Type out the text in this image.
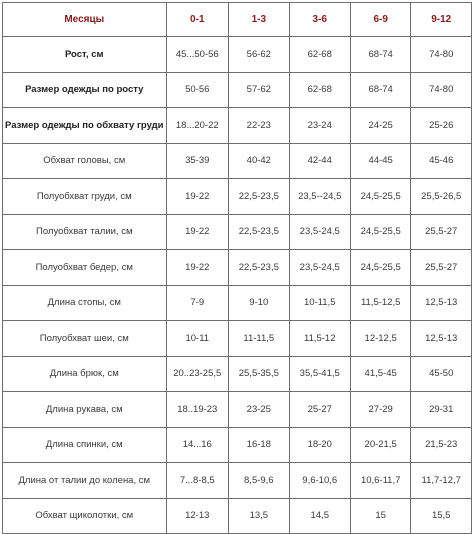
Месяцы	0-1	1-3	3-6	6-9	9-12
Рост, см	45...50-56	56-62	62-68	68-74	74-80
Размер одежды по росту	50-56	57-62	62-68	68-74	74-80
Размер одежды по обхвату груди	18...20-22	22-23	23-24	24-25	25-26
Обхват головы, см	35-39	40-42	42-44	44-45	45-46
Полуобхват груди, см	19-22	22,5-23,5	23,5--24,5	24,5-25,5	25,5-26,5
Полуобхват талии, см	19-22	22,5-23,5	23,5-24,5	24,5-25,5	25,5-27
Полуобхват бедер, см	19-22	22,5-23,5	23,5-24,5	24,5-25,5	25,5-27
Длина стопы, см	7-9	9-10	10-11,5	11,5-12,5	12,5-13
Полуобхват шеи, см	10-11	11-11,5	11,5-12	12-12,5	12,5-13
Длина брюк, см	20..23-25,5	25,5-35,5	35,5-41,5	41,5-45	45-50
Длина рукава, см	18..19-23	23-25	25-27	27-29	29-31
Длина спинки, см	14...16	16-18	18-20	20-21,5	21,5-23
Длина от талии до колена, см	7...8-8,5	8,5-9,6	9,6-10,6	10,6-11,7	11,7-12,7
Обхват щиколотки, см	12-13	13,5	14,5	15	15,5
